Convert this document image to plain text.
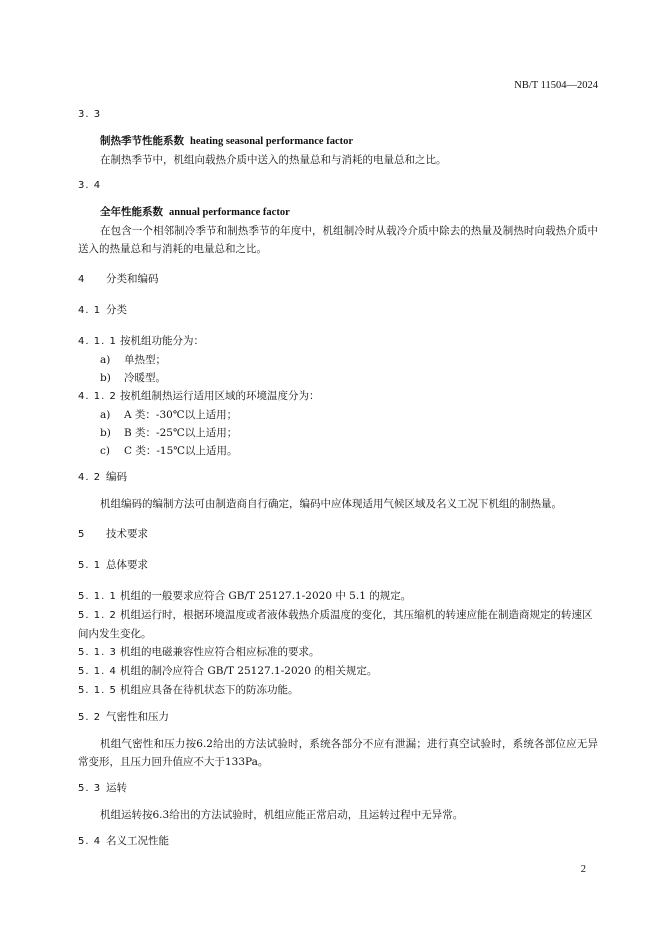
NB/T 11504—2024
3. 3
制热季节性能系数 heating seasonal performance factor
在制热季节中，机组向载热介质中送入的热量总和与消耗的电量总和之比。
3. 4
全年性能系数 annual performance factor
在包含一个相邻制冷季节和制热季节的年度中，机组制冷时从载冷介质中除去的热量及制热时向载热介质中送入的热量总和与消耗的电量总和之比。
4 分类和编码
4. 1 分类
4. 1. 1 按机组功能分为：
a) 单热型；
b) 冷暖型。
4. 1. 2 按机组制热运行适用区域的环境温度分为：
a) A 类：-30℃以上适用；
b) B 类：-25℃以上适用；
c) C 类：-15℃以上适用。
4. 2 编码
机组编码的编制方法可由制造商自行确定，编码中应体现适用气候区域及名义工况下机组的制热量。
5 技术要求
5. 1 总体要求
5. 1. 1 机组的一般要求应符合 GB/T 25127.1-2020 中 5.1 的规定。
5. 1. 2 机组运行时，根据环境温度或者液体载热介质温度的变化，其压缩机的转速应能在制造商规定的转速区间内发生变化。
5. 1. 3 机组的电磁兼容性应符合相应标准的要求。
5. 1. 4 机组的制冷应符合 GB/T 25127.1-2020 的相关规定。
5. 1. 5 机组应具备在待机状态下的防冻功能。
5. 2 气密性和压力
机组气密性和压力按6.2给出的方法试验时，系统各部分不应有泄漏；进行真空试验时，系统各部位应无异常变形，且压力回升值应不大于133Pa。
5. 3 运转
机组运转按6.3给出的方法试验时，机组应能正常启动，且运转过程中无异常。
5. 4 名义工况性能
2
